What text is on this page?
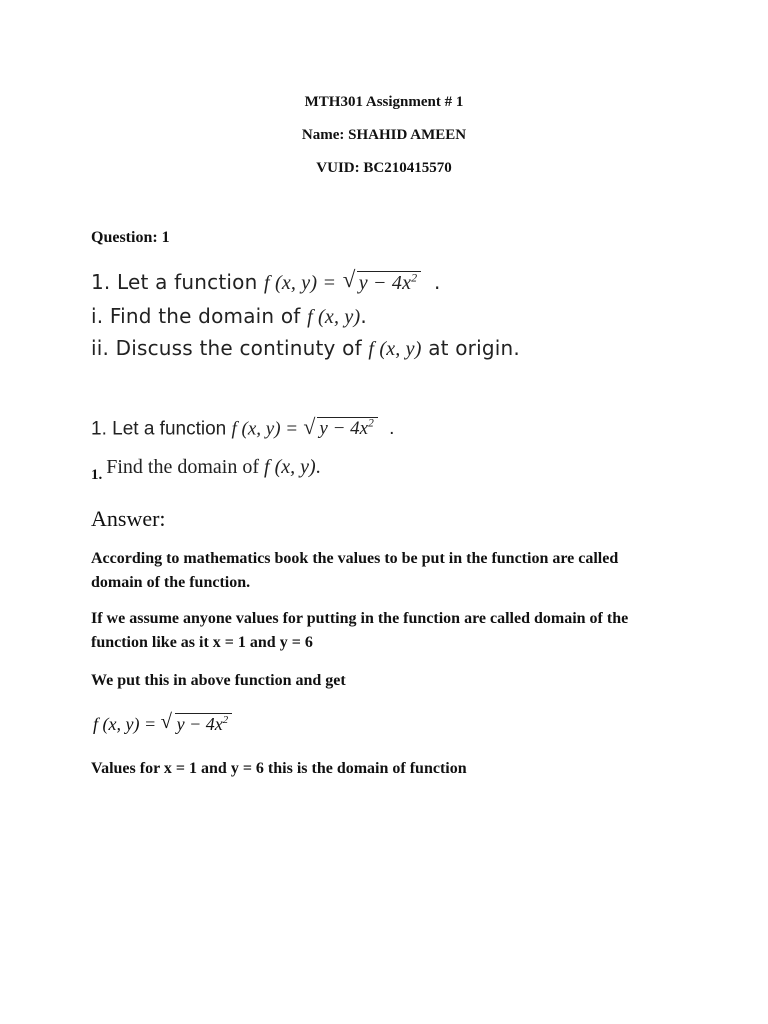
MTH301 Assignment # 1
Name: SHAHID AMEEN
VUID: BC210415570
Question: 1
1. Let a function f (x, y) = √ $y - 4x^2$ .
i. Find the domain of f (x, y).
ii. Discuss the continuty of f (x, y) at origin.
1. Let a function f (x, y) = √ $y - 4x^2$ .
1. Find the domain of f (x, y).
Answer:
According to mathematics book the values to be put in the function are called domain of the function.
If we assume anyone values for putting in the function are called domain of the function like as it x = 1 and y = 6
We put this in above function and get
f (x, y) = √ $y - 4x^2$
Values for x = 1 and y = 6 this is the domain of function
